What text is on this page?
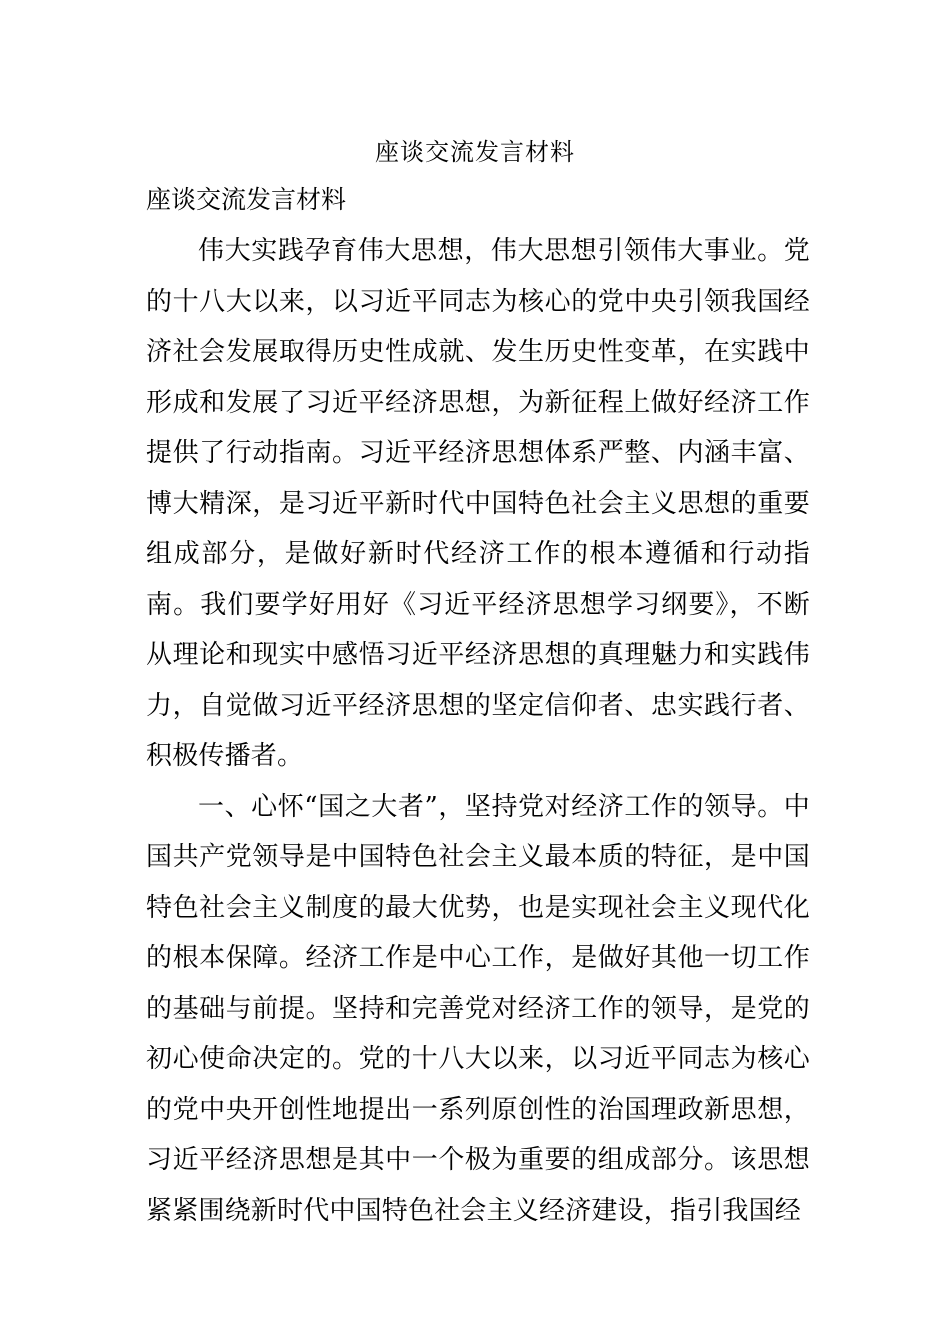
座谈交流发言材料
座谈交流发言材料

伟大实践孕育伟大思想，伟大思想引领伟大事业。党的十八大以来，以习近平同志为核心的党中央引领我国经济社会发展取得历史性成就、发生历史性变革，在实践中形成和发展了习近平经济思想，为新征程上做好经济工作提供了行动指南。习近平经济思想体系严整、内涵丰富、博大精深，是习近平新时代中国特色社会主义思想的重要组成部分，是做好新时代经济工作的根本遵循和行动指南。我们要学好用好《习近平经济思想学习纲要》，不断从理论和现实中感悟习近平经济思想的真理魅力和实践伟力，自觉做习近平经济思想的坚定信仰者、忠实践行者、积极传播者。

一、心怀“国之大者”，坚持党对经济工作的领导。中国共产党领导是中国特色社会主义最本质的特征，是中国特色社会主义制度的最大优势，也是实现社会主义现代化的根本保障。经济工作是中心工作，是做好其他一切工作的基础与前提。坚持和完善党对经济工作的领导，是党的初心使命决定的。党的十八大以来，以习近平同志为核心的党中央开创性地提出一系列原创性的治国理政新思想，习近平经济思想是其中一个极为重要的组成部分。该思想紧紧围绕新时代中国特色社会主义经济建设，指引我国经
